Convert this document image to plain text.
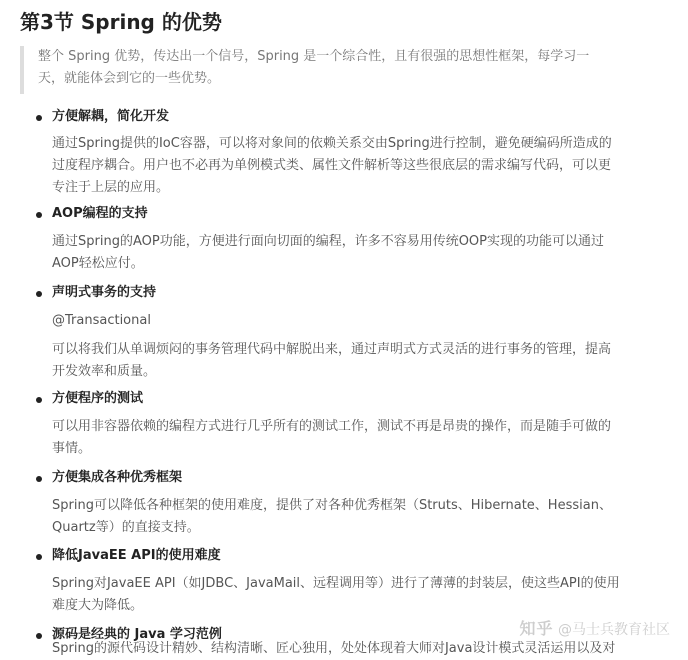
第3节 Spring 的优势

整个 Spring 优势，传达出一个信号，Spring 是一个综合性，且有很强的思想性框架，每学习一

天，就能体会到它的一些优势。

方便解耦，简化开发

通过Spring提供的IoC容器，可以将对象间的依赖关系交由Spring进行控制，避免硬编码所造成的

过度程序耦合。用户也不必再为单例模式类、属性文件解析等这些很底层的需求编写代码，可以更

专注于上层的应用。

AOP编程的支持

通过Spring的AOP功能，方便进行面向切面的编程，许多不容易用传统OOP实现的功能可以通过

AOP轻松应付。

声明式事务的支持

@Transactional

可以将我们从单调烦闷的事务管理代码中解脱出来，通过声明式方式灵活的进行事务的管理，提高

开发效率和质量。

方便程序的测试

可以用非容器依赖的编程方式进行几乎所有的测试工作，测试不再是昂贵的操作，而是随手可做的

事情。

方便集成各种优秀框架

Spring可以降低各种框架的使用难度，提供了对各种优秀框架（Struts、Hibernate、Hessian、

Quartz等）的直接支持。

降低JavaEE API的使用难度

Spring对JavaEE API（如JDBC、JavaMail、远程调用等）进行了薄薄的封装层，使这些API的使用

难度大为降低。

源码是经典的 Java 学习范例

Spring的源代码设计精妙、结构清晰、匠心独用，处处体现着大师对Java设计模式灵活运用以及对

知乎 @马士兵教育社区
